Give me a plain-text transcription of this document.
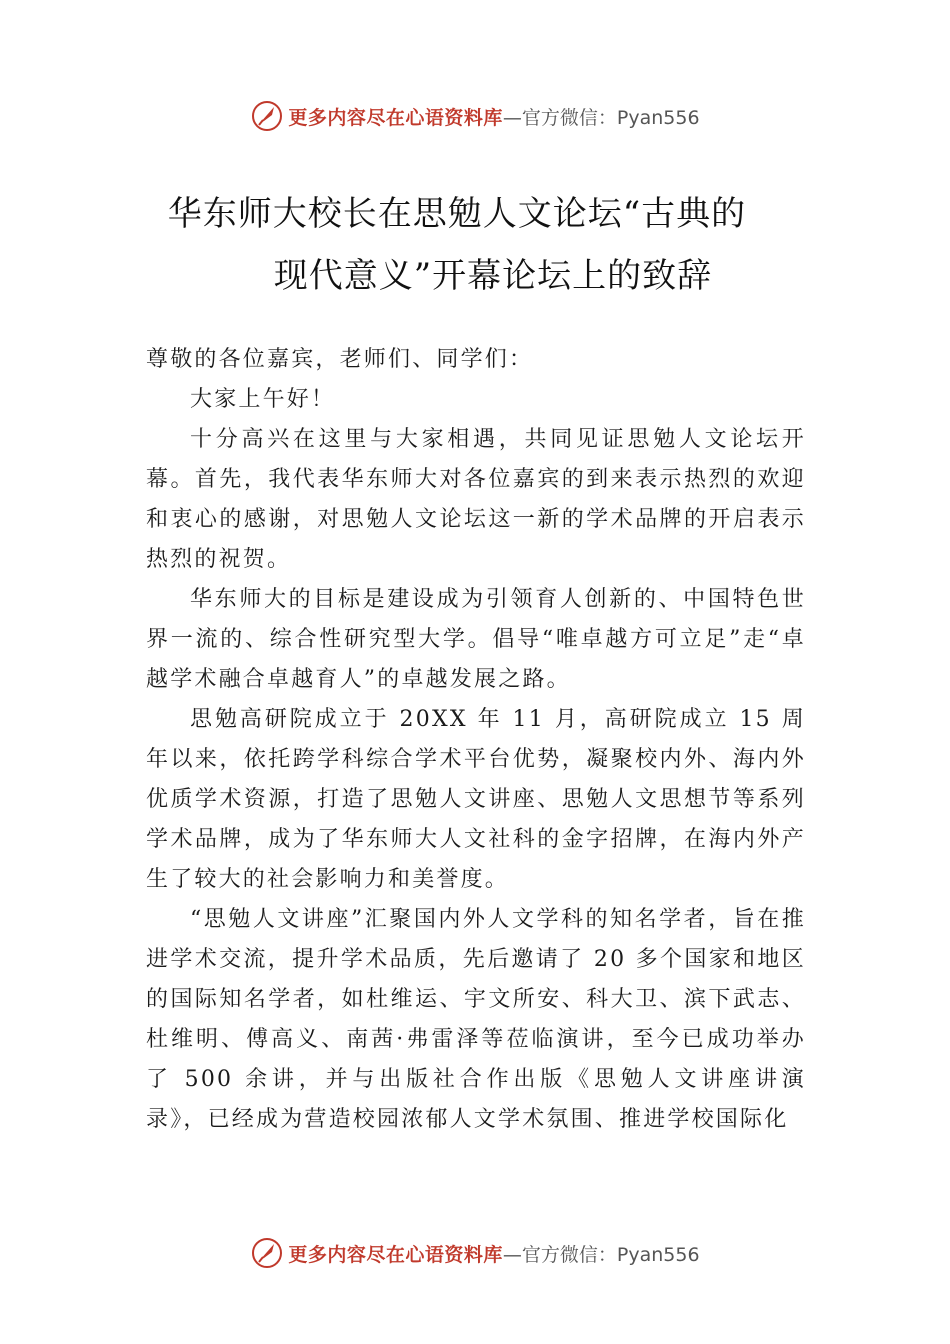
更多内容尽在心语资料库 —官方微信：Pyan556
华东师大校长在思勉人文论坛“古典的
现代意义”开幕论坛上的致辞

尊敬的各位嘉宾，老师们、同学们：

大家上午好！

十分高兴在这里与大家相遇，共同见证思勉人文论坛开幕。首先，我代表华东师大对各位嘉宾的到来表示热烈的欢迎和衷心的感谢，对思勉人文论坛这一新的学术品牌的开启表示热烈的祝贺。

华东师大的目标是建设成为引领育人创新的、中国特色世界一流的、综合性研究型大学。倡导“唯卓越方可立足”走“卓越学术融合卓越育人”的卓越发展之路。

思勉高研院成立于 20XX 年 11 月，高研院成立 15 周年以来，依托跨学科综合学术平台优势，凝聚校内外、海内外优质学术资源，打造了思勉人文讲座、思勉人文思想节等系列学术品牌，成为了华东师大人文社科的金字招牌，在海内外产生了较大的社会影响力和美誉度。

“思勉人文讲座”汇聚国内外人文学科的知名学者，旨在推进学术交流，提升学术品质，先后邀请了 20 多个国家和地区的国际知名学者，如杜维运、宇文所安、科大卫、滨下武志、杜维明、傅高义、南茜·弗雷泽等莅临演讲，至今已成功举办了 500 余讲，并与出版社合作出版《思勉人文讲座讲演录》，已经成为营造校园浓郁人文学术氛围、推进学校国际化

更多内容尽在心语资料库 —官方微信：Pyan556
